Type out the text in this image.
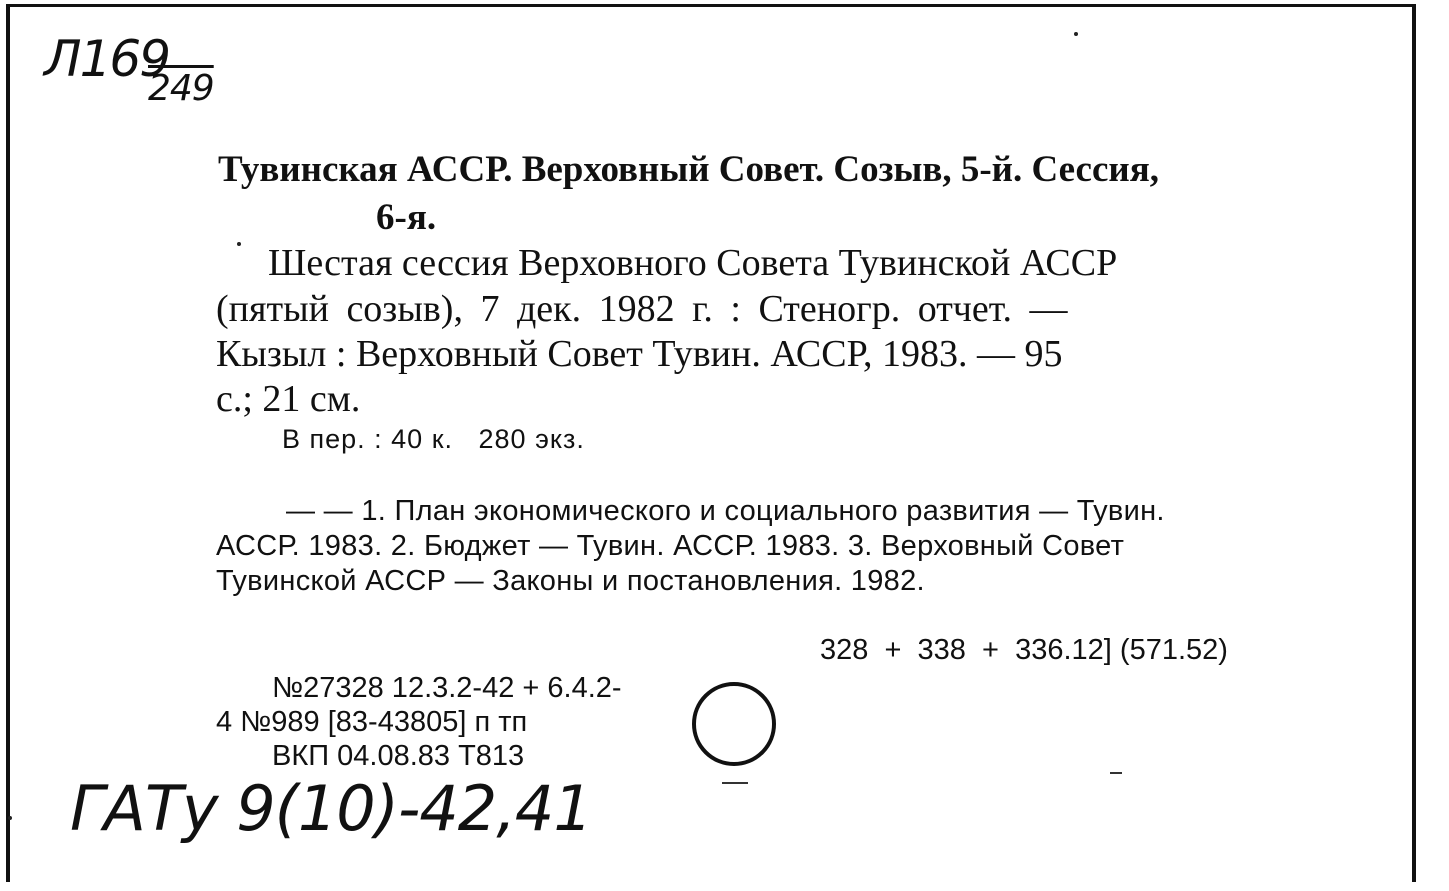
Л169
249
Тувинская АССР. Верховный Совет. Созыв, 5-й. Сессия,
6-я.
Шестая сессия Верховного Совета Тувинской АССР
(пятый созыв), 7 дек. 1982 г. : Стеногр. отчет. —
Кызыл : Верховный Совет Тувин. АССР, 1983. — 95
с.; 21 см.
В пер. : 40 к.   280 экз.
— — 1. План экономического и социального развития — Тувин.
АССР. 1983. 2. Бюджет — Тувин. АССР. 1983. 3. Верховный Совет
Тувинской АССР — Законы и постановления. 1982.
328  +  338  +  336.12] (571.52)
№27328 12.3.2-42 + 6.4.2-
4 №989 [83-43805] п тп
ВКП 04.08.83 Т813
ГАТу 9(10)-42,41
